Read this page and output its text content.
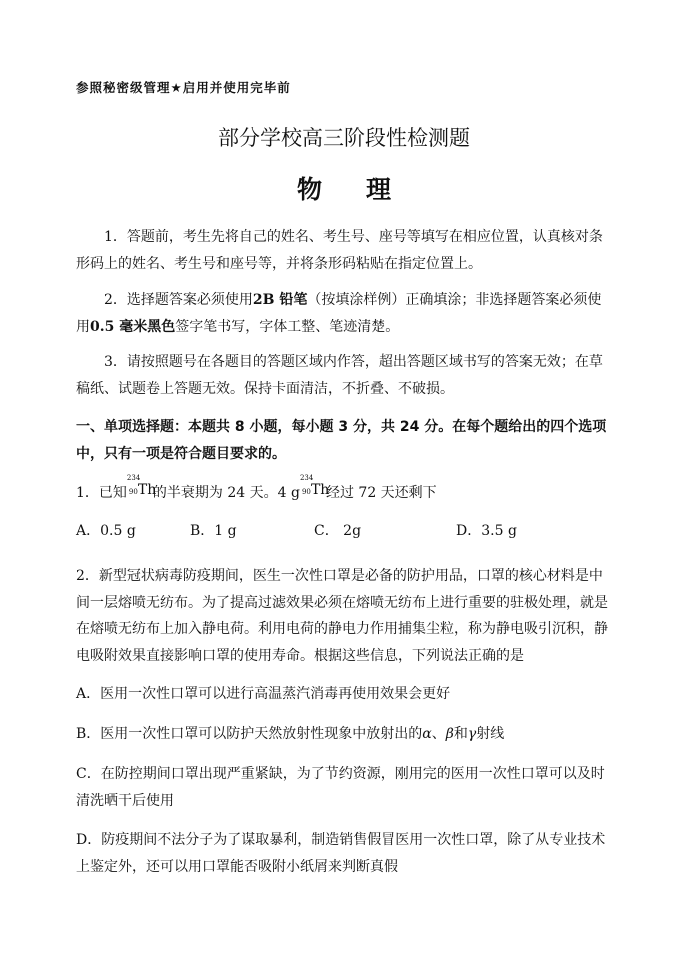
参照秘密级管理★启用并使用完毕前
部分学校高三阶段性检测题
物 理
1．答题前，考生先将自己的姓名、考生号、座号等填写在相应位置，认真核对条形码上的姓名、考生号和座号等，并将条形码粘贴在指定位置上。
2．选择题答案必须使用2B 铅笔（按填涂样例）正确填涂；非选择题答案必须使用0.5 毫米黑色签字笔书写，字体工整、笔迹清楚。
3．请按照题号在各题目的答题区域内作答，超出答题区域书写的答案无效；在草稿纸、试题卷上答题无效。保持卡面清洁，不折叠、不破损。
一、单项选择题：本题共 8 小题，每小题 3 分，共 24 分。在每个题给出的四个选项中，只有一项是符合题目要求的。
1．已知
234
90 Th
的半衰期为 24 天。4 g
234
90 Th
经过 72 天还剩下
A．0.5 g	B．1 g	C． 2g	D．3.5 g
2．新型冠状病毒防疫期间，医生一次性口罩是必备的防护用品，口罩的核心材料是中间一层熔喷无纺布。为了提高过滤效果必须在熔喷无纺布上进行重要的驻极处理，就是在熔喷无纺布上加入静电荷。利用电荷的静电力作用捕集尘粒，称为静电吸引沉积，静电吸附效果直接影响口罩的使用寿命。根据这些信息，下列说法正确的是
A．医用一次性口罩可以进行高温蒸汽消毒再使用效果会更好
B．医用一次性口罩可以防护天然放射性现象中放射出的α、β和γ射线
C．在防控期间口罩出现严重紧缺，为了节约资源，刚用完的医用一次性口罩可以及时清洗晒干后使用
D．防疫期间不法分子为了谋取暴利，制造销售假冒医用一次性口罩，除了从专业技术上鉴定外，还可以用口罩能否吸附小纸屑来判断真假
